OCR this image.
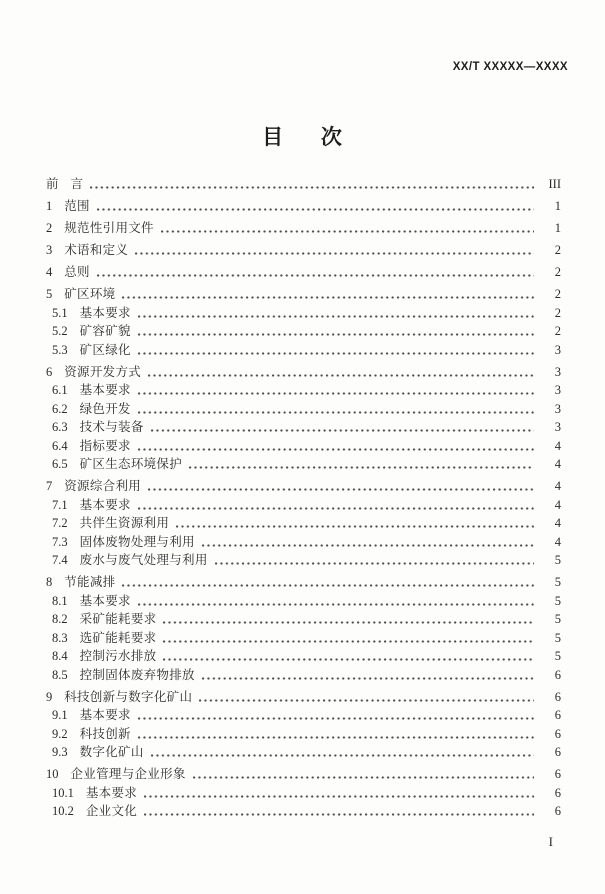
XX/T XXXXX—XXXX
目 次
前 言	III
1 范围	1
2 规范性引用文件	1
3 术语和定义	2
4 总则	2
5 矿区环境	2
5.1 基本要求	2
5.2 矿容矿貌	2
5.3 矿区绿化	3
6 资源开发方式	3
6.1 基本要求	3
6.2 绿色开发	3
6.3 技术与装备	3
6.4 指标要求	4
6.5 矿区生态环境保护	4
7 资源综合利用	4
7.1 基本要求	4
7.2 共伴生资源利用	4
7.3 固体废物处理与利用	4
7.4 废水与废气处理与利用	5
8 节能减排	5
8.1 基本要求	5
8.2 采矿能耗要求	5
8.3 选矿能耗要求	5
8.4 控制污水排放	5
8.5 控制固体废弃物排放	6
9 科技创新与数字化矿山	6
9.1 基本要求	6
9.2 科技创新	6
9.3 数字化矿山	6
10 企业管理与企业形象	6
10.1 基本要求	6
10.2 企业文化	6
I
